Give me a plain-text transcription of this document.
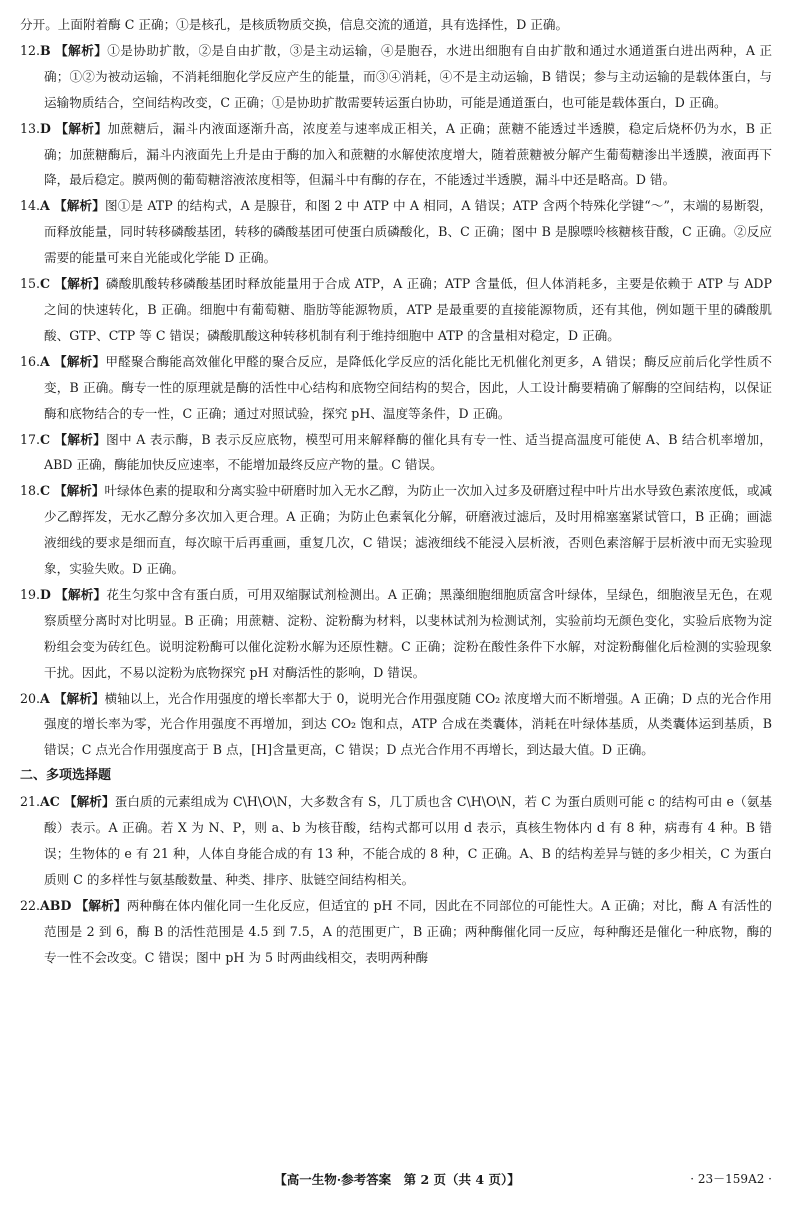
分开。上面附着酶 C 正确；①是核孔，是核质物质交换，信息交流的通道，具有选择性，D 正确。

12.B 【解析】①是协助扩散，②是自由扩散，③是主动运输，④是胞吞，水进出细胞有自由扩散和通过水通道蛋白进出两种，A 正确；①②为被动运输，不消耗细胞化学反应产生的能量，而③④消耗，④不是主动运输，B 错误；参与主动运输的是载体蛋白，与运输物质结合，空间结构改变，C 正确；①是协助扩散需要转运蛋白协助，可能是通道蛋白，也可能是载体蛋白，D 正确。

13.D 【解析】加蔗糖后，漏斗内液面逐渐升高，浓度差与速率成正相关，A 正确；蔗糖不能透过半透膜，稳定后烧杯仍为水，B 正确；加蔗糖酶后，漏斗内液面先上升是由于酶的加入和蔗糖的水解使浓度增大，随着蔗糖被分解产生葡萄糖渗出半透膜，液面再下降，最后稳定。膜两侧的葡萄糖溶液浓度相等，但漏斗中有酶的存在，不能透过半透膜，漏斗中还是略高。D 错。

14.A 【解析】图①是 ATP 的结构式，A 是腺苷，和图 2 中 ATP 中 A 相同，A 错误；ATP 含两个特殊化学键“～”，末端的易断裂，而释放能量，同时转移磷酸基团，转移的磷酸基团可使蛋白质磷酸化，B、C 正确；图中 B 是腺嘌呤核糖核苷酸，C 正确。②反应需要的能量可来自光能或化学能 D 正确。

15.C 【解析】磷酸肌酸转移磷酸基团时释放能量用于合成 ATP，A 正确；ATP 含量低，但人体消耗多，主要是依赖于 ATP 与 ADP 之间的快速转化，B 正确。细胞中有葡萄糖、脂肪等能源物质，ATP 是最重要的直接能源物质，还有其他，例如题干里的磷酸肌酸、GTP、CTP 等 C 错误；磷酸肌酸这种转移机制有利于维持细胞中 ATP 的含量相对稳定，D 正确。

16.A 【解析】甲醛聚合酶能高效催化甲醛的聚合反应，是降低化学反应的活化能比无机催化剂更多，A 错误；酶反应前后化学性质不变，B 正确。酶专一性的原理就是酶的活性中心结构和底物空间结构的契合，因此，人工设计酶要精确了解酶的空间结构，以保证酶和底物结合的专一性，C 正确；通过对照试验，探究 pH、温度等条件，D 正确。

17.C 【解析】图中 A 表示酶，B 表示反应底物，模型可用来解释酶的催化具有专一性、适当提高温度可能使 A、B 结合机率增加，ABD 正确，酶能加快反应速率，不能增加最终反应产物的量。C 错误。

18.C 【解析】叶绿体色素的提取和分离实验中研磨时加入无水乙醇，为防止一次加入过多及研磨过程中叶片出水导致色素浓度低，或减少乙醇挥发，无水乙醇分多次加入更合理。A 正确；为防止色素氧化分解，研磨液过滤后，及时用棉塞塞紧试管口，B 正确；画滤液细线的要求是细而直，每次晾干后再重画，重复几次，C 错误；滤液细线不能浸入层析液，否则色素溶解于层析液中而无实验现象，实验失败。D 正确。

19.D 【解析】花生匀浆中含有蛋白质，可用双缩脲试剂检测出。A 正确；黑藻细胞细胞质富含叶绿体，呈绿色，细胞液呈无色，在观察质壁分离时对比明显。B 正确；用蔗糖、淀粉、淀粉酶为材料，以斐林试剂为检测试剂，实验前均无颜色变化，实验后底物为淀粉组会变为砖红色。说明淀粉酶可以催化淀粉水解为还原性糖。C 正确；淀粉在酸性条件下水解，对淀粉酶催化后检测的实验现象干扰。因此，不易以淀粉为底物探究 pH 对酶活性的影响，D 错误。

20.A 【解析】横轴以上，光合作用强度的增长率都大于 0，说明光合作用强度随 CO₂ 浓度增大而不断增强。A 正确；D 点的光合作用强度的增长率为零，光合作用强度不再增加，到达 CO₂ 饱和点，ATP 合成在类囊体，消耗在叶绿体基质，从类囊体运到基质，B 错误；C 点光合作用强度高于 B 点，[H]含量更高，C 错误；D 点光合作用不再增长，到达最大值。D 正确。

二、多项选择题

21.AC 【解析】蛋白质的元素组成为 C\H\O\N，大多数含有 S，几丁质也含 C\H\O\N，若 C 为蛋白质则可能 c 的结构可由 e（氨基酸）表示。A 正确。若 X 为 N、P，则 a、b 为核苷酸，结构式都可以用 d 表示，真核生物体内 d 有 8 种，病毒有 4 种。B 错误；生物体的 e 有 21 种，人体自身能合成的有 13 种，不能合成的 8 种，C 正确。A、B 的结构差异与链的多少相关，C 为蛋白质则 C 的多样性与氨基酸数量、种类、排序、肽链空间结构相关。

22.ABD 【解析】两种酶在体内催化同一生化反应，但适宜的 pH 不同，因此在不同部位的可能性大。A 正确；对比，酶 A 有活性的范围是 2 到 6，酶 B 的活性范围是 4.5 到 7.5，A 的范围更广，B 正确；两种酶催化同一反应，每种酶还是催化一种底物，酶的专一性不会改变。C 错误；图中 pH 为 5 时两曲线相交，表明两种酶

【高一生物·参考答案　第 2 页（共 4 页）】	· 23－159A2 ·
